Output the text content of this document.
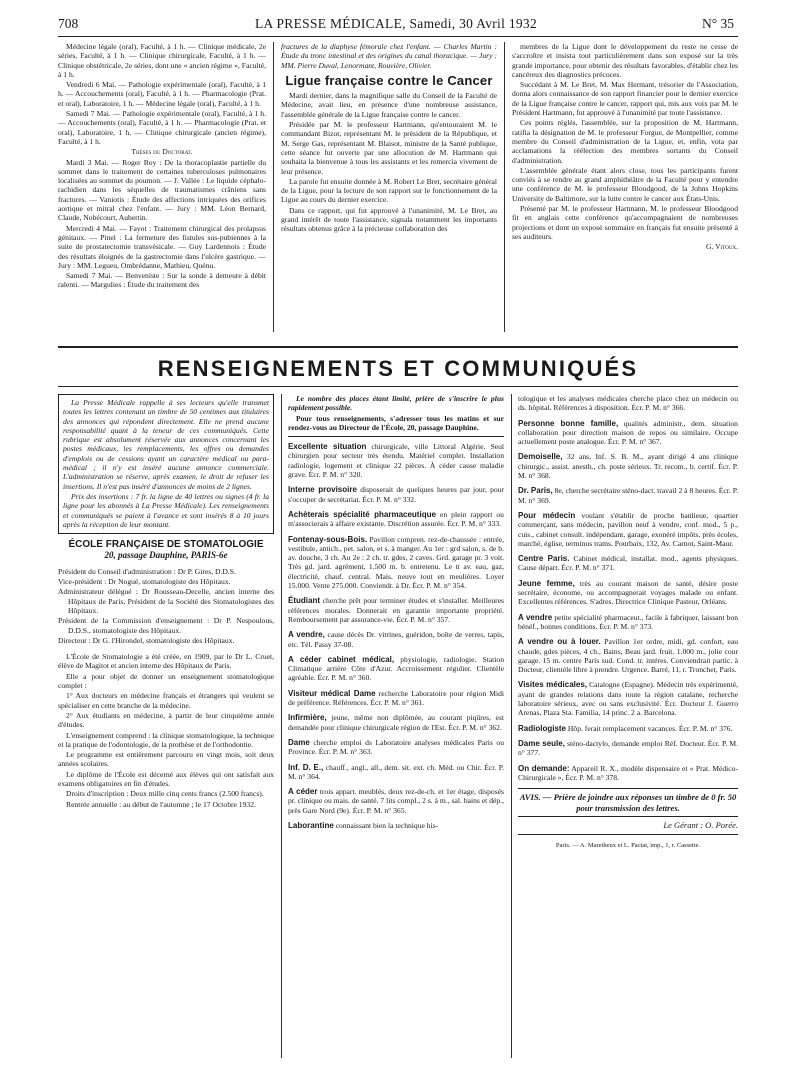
708	LA PRESSE MÉDICALE, Samedi, 30 Avril 1932	N° 35

Médecine légale (oral), Faculté, à 1 h. — Clinique médicale, 2e séries, Faculté, à 1 h. — Clinique chirurgicale, Faculté, à 1 h. — Clinique obstétricale, 2e séries, dont une « ancien régime », Faculté, à 1 h.

Vendredi 6 Mai. — Pathologie expérimentale (oral), Faculté, à 1 h. — Accouchements (oral), Faculté, à 1 h. — Pharmacologie (Prat. et oral), Laboratoire, 1 h. — Médecine légale (oral), Faculté, à 1 h.

Samedi 7 Mai. — Pathologie expérimentale (oral), Faculté, à 1 h. — Accouchements (oral), Faculté, à 1 h. — Pharmacologie (Prat. et oral), Laboratoire, 1 h. — Clinique chirurgicale (ancien régime), Faculté, à 1 h.

Thèses du Doctorat.

Mardi 3 Mai. — Roger Roy : De la thoracoplastie partielle du sommet dans le traitement de certaines tuberculoses pulmonaires localisées au sommet du poumon. — J. Vallée : Le liquide céphalo-rachidien dans les séquelles de traumatismes crâniens sans fractures. — Vaniotis : Étude des affections intriquées des orifices aortique et mitral chez l'enfant. — Jury : MM. Léon Bernard, Claude, Nobécourt, Aubertin.

Mercredi 4 Mai. — Fayot : Traitement chirurgical des prolapsus génitaux. — Pinel : La fermeture des fistules sus-pubiennes à la suite de prostatectomie transvésicale. — Guy Lardennois : Étude des résultats éloignés de la gastrectomie dans l'ulcère gastrique. — Jury : MM. Legueu, Ombrédanne, Mathieu, Quénu.

Samedi 7 Mai. — Benveniste : Sur la sonde à demeure à débit ralenti. — Margulies : Étude du traitement des

fractures de la diaphyse fémorale chez l'enfant. — Charles Martin : Étude du tronc intestinal et des origines du canal thoracique. — Jury : MM. Pierre Duval, Lenormant, Rouvière, Olivier.

Ligue française contre le Cancer

Mardi dernier, dans la magnifique salle du Conseil de la Faculté de Médecine, avait lieu, en présence d'une nombreuse assistance, l'assemblée générale de la Ligue française contre le cancer.

Présidée par M. le professeur Hartmann, qu'entouraient M. le commandant Bizot, représentant M. le président de la République, et M. Serge Gas, représentant M. Blaisot, ministre de la Santé publique, cette séance fut ouverte par une allocution de M. Hartmann qui souhaita la bienvenue à tous les assistants et les remercia vivement de leur présence.

La parole fut ensuite donnée à M. Robert Le Bret, secrétaire général de la Ligue, pour la lecture de son rapport sur le fonctionnement de la Ligue au cours du dernier exercice.

Dans ce rapport, qui fut approuvé à l'unanimité, M. Le Bret, au grand intérêt de toute l'assistance, signala notamment les importants résultats obtenus grâce à la précieuse collaboration des

membres de la Ligue dont le développement du reste ne cesse de s'accroître et insista tout particulièrement dans son exposé sur la très grande importance, pour obtenir des résultats favorables, d'établir chez les cancéreux des diagnostics précoces.

Succédant à M. Le Bret, M. Max Hermant, trésorier de l'Association, donna alors connaissance de son rapport financier pour le dernier exercice de la Ligue française contre le cancer, rapport qui, mis aux voix par M. le Président Hartmann, fut approuvé à l'unanimité par toute l'assistance.

Ces points réglés, l'assemblée, sur la proposition de M. Hartmann, ratifia la désignation de M. le professeur Forgue, de Montpellier, comme membre du Conseil d'administration de la Ligue, et, enfin, vota par acclamations la réélection des membres sortants du Conseil d'administration.

L'assemblée générale étant alors close, tous les participants furent conviés à se rendre au grand amphithéâtre de la Faculté pour y entendre une conférence de M. le professeur Bloodgood, de la Johns Hopkins University de Baltimore, sur la lutte contre le cancer aux États-Unis.

Présenté par M. le professeur Hartmann, M. le professeur Bloodgood fit en anglais cette conférence qu'accompagnaient de nombreuses projections et dont un exposé sommaire en français fut ensuite présenté à ses auditeurs.

G. Vitoux.

RENSEIGNEMENTS ET COMMUNIQUÉS

La Presse Médicale rappelle à ses lecteurs qu'elle transmet toutes les lettres contenant un timbre de 50 centimes aux titulaires des annonces qui répondent directement. Elle ne prend aucune responsabilité quant à la teneur de ces communiqués. Cette rubrique est absolument réservée aux annonces concernant les postes médicaux, les remplacements, les offres ou demandes d'emplois ou de cessions ayant un caractère médical ou para-médical ; il n'y est inséré aucune annonce commerciale. L'administration se réserve, après examen, le droit de refuser les insertions. Il n'est pas inséré d'annonces de moins de 2 lignes.

Prix des insertions : 7 fr. la ligne de 40 lettres ou signes (4 fr. la ligne pour les abonnés à La Presse Médicale). Les renseignements et communiqués se paient à l'avance et sont insérés 8 à 10 jours après la réception de leur montant.

ÉCOLE FRANÇAISE DE STOMATOLOGIE
20, passage Dauphine, PARIS-6e

Président du Conseil d'administration : Dr P. Gires, D.D.S.

Vice-président : Dr Nogué, stomatologiste des Hôpitaux.

Administrateur délégué : Dr Rousseau-Decelle, ancien interne des Hôpitaux de Paris, Président de la Société des Stomatologistes des Hôpitaux.

Président de la Commission d'enseignement : Dr P. Nespoulous, D.D.S., stomatologiste des Hôpitaux.

Directeur : Dr G. l'Hirondel, stomatologiste des Hôpitaux.

L'École de Stomatologie a été créée, en 1909, par le Dr L. Cruet, élève de Magitot et ancien interne des Hôpitaux de Paris.

Elle a pour objet de donner un enseignement stomatologique complet :

1° Aux docteurs en médecine français et étrangers qui veulent se spécialiser en cette branche de la médecine.

2° Aux étudiants en médecine, à partir de leur cinquième année d'études.

L'enseignement comprend : la clinique stomatologique, la technique et la pratique de l'odontologie, de la prothèse et de l'orthodontie.

Le programme est entièrement parcouru en vingt mois, soit deux années scolaires.

Le diplôme de l'École est décerné aux élèves qui ont satisfait aux examens obligatoires en fin d'études.

Droits d'inscription : Deux mille cinq cents francs (2.500 francs).

Rentrée annuelle : au début de l'automne ; le 17 Octobre 1932.

Le nombre des places étant limité, prière de s'inscrire le plus rapidement possible.

Pour tous renseignements, s'adresser tous les matins et sur rendez-vous au Directeur de l'École, 20, passage Dauphine.

Excellente situation chirurgicale, ville Littoral Algérie. Seul chirurgien pour secteur très étendu. Matériel complet. Installation radiologie, logement et clinique 22 pièces. À céder cause maladie grave. Écr. P. M. n° 320.

Interne provisoire disposerait de quelques heures par jour, pour s'occuper de secrétariat. Écr. P. M. n° 332.

Achèterais spécialité pharmaceutique en plein rapport ou m'associerais à affaire existante. Discrétion assurée. Écr. P. M. n° 333.

Fontenay-sous-Bois. Pavillon compren. rez-de-chaussée : entrée, vestibule, antich., pet. salon, et s. à manger. Au 1er : grd salon, s. de b. av. douche, 3 ch. Au 2e : 2 ch. tr. gdes, 2 caves. Grd. garage pr. 3 voit. Très gd. jard. agrément, 1.500 m. b. entretenu. Le tt av. eau, gaz, électricité, chauf. central. Mais. neuve tout en meulières. Loyer 15.000. Vente 275.000. Conviendr. à Dr. Écr. P. M. n° 354.

Étudiant cherche prêt pour terminer études et s'installer. Meilleures références morales. Donnerait en garantie importante propriété. Remboursement par assurance-vie. Écr. P. M. n° 357.

A vendre, cause décès Dr. vitrines, guéridon, boîte de verres, tapis, etc. Tél. Passy 37-08.

A céder cabinet médical, physiologie, radiologie. Station Climatique arrière Côte d'Azur. Accroissement régulier. Clientèle agréable. Écr. P. M. n° 360.

Visiteur médical Dame recherche Laboratoire pour région Midi de préférence. Références. Écr. P. M. n° 361.

Infirmière, jeune, même non diplômée, au courant piqûres, est demandée pour clinique chirurgicale région de l'Est. Écr. P. M. n° 362.

Dame cherche emploi ds Laboratoire analyses médicales Paris ou Province. Écr. P. M. n° 363.

Inf. D. E., chauff., angl., all., dem. sit. ext. ch. Méd. ou Chir. Écr. P. M. n° 364.

A céder trois appart. meublés, deux rez-de-ch. et 1er étage, disposés pr. clinique ou mais. de santé. 7 lits compl., 2 s. à m., sal. bains et dép., près Gare Nord (9e). Écr. P. M. n° 365.

Laborantine connaissant bien la technique his-

tologique et les analyses médicales cherche place chez un médecin ou ds. hôpital. Références à disposition. Écr. P. M. n° 366.

Personne bonne famille, qualités administr., dem. situation collaboration pour direction maison de repos ou similaire. Occupe actuellement poste analogue. Écr. P. M. n° 367.

Demoiselle, 32 ans, Inf. S. B. M., ayant dirigé 4 ans clinique chirurgic., assist. anesth., ch. poste sérieux. Tr. recom., b. certif. Écr. P. M. n° 368.

Dr. Paris, 8e, cherche secrétaire sténo-dact. travail 2 à 8 heures. Écr. P. M. n° 369.

Pour médecin voulant s'établir de proche banlieue, quartier commerçant, sans médecin, pavillon neuf à vendre, conf. mod., 5 p., cuis., cabinet consult. indépendant, garage, exonéré impôts, près écoles, marché, église, terminus trams. Pourbaix, 132, Av. Carnot, Saint-Maur.

Centre Paris. Cabinet médical, installat. mod., agents physiques. Cause départ. Écr. P. M. n° 371.

Jeune femme, très au courant maison de santé, désire poste secrétaire, économe, ou accompagnerait voyages malade ou enfant. Excellentes références. S'adres. Directrice Clinique Pasteur, Orléans.

A vendre petite spécialité pharmaceut., facile à fabriquer, laissant bon bénéf., bonnes conditions. Écr. P. M. n° 373.

A vendre ou à louer. Pavillon 1er ordre, midi, gd. confort, eau chaude, gdes pièces, 4 ch., Bains, Beau jard. fruit. 1.000 m., jolie cour garage. 15 m. centre Paris sud. Cond. tr. intéres. Conviendrait partic. à Docteur, clientèle libre à prendre. Urgence. Barré, 11, r. Tronchet, Paris.

Visites médicales, Catalogne (Espagne). Médecin très expérimenté, ayant de grandes relations dans toute la région catalane, recherche laboratoire sérieux, avec ou sans exclusivité. Écr. Docteur J. Guerro Arenas, Plaza Sta. Familia, 14 princ. 2 a. Barcelona.

Radiologiste Hôp. ferait remplacement vacances. Écr. P. M. n° 376.

Dame seule, sténo-dactylo, demande emploi Réf. Docteur. Écr. P. M. n° 377.

On demande: Appareil R. X., modèle dispensaire et « Prat. Médico-Chirurgicale », Écr. P. M. n° 378.

AVIS. — Prière de joindre aux réponses un timbre de 0 fr. 50 pour transmission des lettres.
Le Gérant : O. Porée.
Paris. — A. Maretheux et L. Pactat, imp., 1, r. Cassette.
